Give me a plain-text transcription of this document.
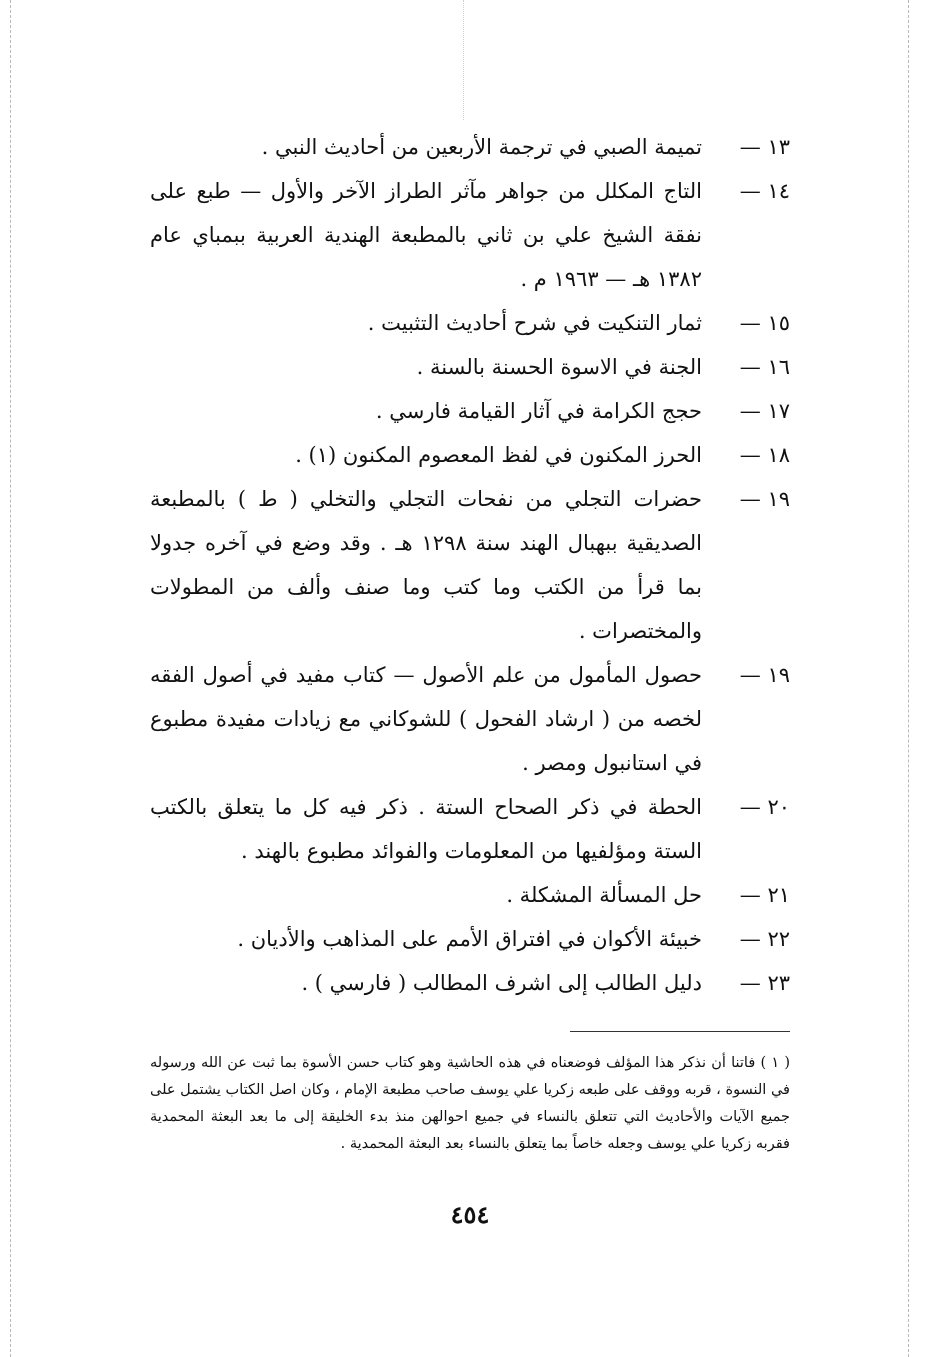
١٣ —
تميمة الصبي في ترجمة الأربعين من أحاديث النبي .
١٤ —
التاج المكلل من جواهر مآثر الطراز الآخر والأول — طبع على نفقة الشيخ علي بن ثاني بالمطبعة الهندية العربية ببمباي عام ١٣٨٢ هـ — ١٩٦٣ م .
١٥ —
ثمار التنكيت في شرح أحاديث التثبيت .
١٦ —
الجنة في الاسوة الحسنة بالسنة .
١٧ —
حجج الكرامة في آثار القيامة فارسي .
١٨ —
الحرز المكنون في لفظ المعصوم المكنون (١) .
١٩ —
حضرات التجلي من نفحات التجلي والتخلي ( ط ) بالمطبعة الصديقية ببهبال الهند سنة ١٢٩٨ هـ . وقد وضع في آخره جدولا بما قرأ من الكتب وما كتب وما صنف وألف من المطولات والمختصرات .
١٩ —
حصول المأمول من علم الأصول — كتاب مفيد في أصول الفقه لخصه من ( ارشاد الفحول ) للشوكاني مع زيادات مفيدة مطبوع في استانبول ومصر .
٢٠ —
الحطة في ذكر الصحاح الستة . ذكر فيه كل ما يتعلق بالكتب الستة ومؤلفيها من المعلومات والفوائد مطبوع بالهند .
٢١ —
حل المسألة المشكلة .
٢٢ —
خبيئة الأكوان في افتراق الأمم على المذاهب والأديان .
٢٣ —
دليل الطالب إلى اشرف المطالب ( فارسي ) .

( ١ ) فاتنا أن نذكر هذا المؤلف فوضعناه في هذه الحاشية وهو كتاب حسن الأسوة بما ثبت عن الله ورسوله في النسوة ، قربه ووقف على طبعه زكريا علي يوسف صاحب مطبعة الإمام ، وكان اصل الكتاب يشتمل على جميع الآيات والأحاديث التي تتعلق بالنساء في جميع احوالهن منذ بدء الخليقة إلى ما بعد البعثة المحمدية فقربه زكريا علي يوسف وجعله خاصاً بما يتعلق بالنساء بعد البعثة المحمدية .

٤٥٤
